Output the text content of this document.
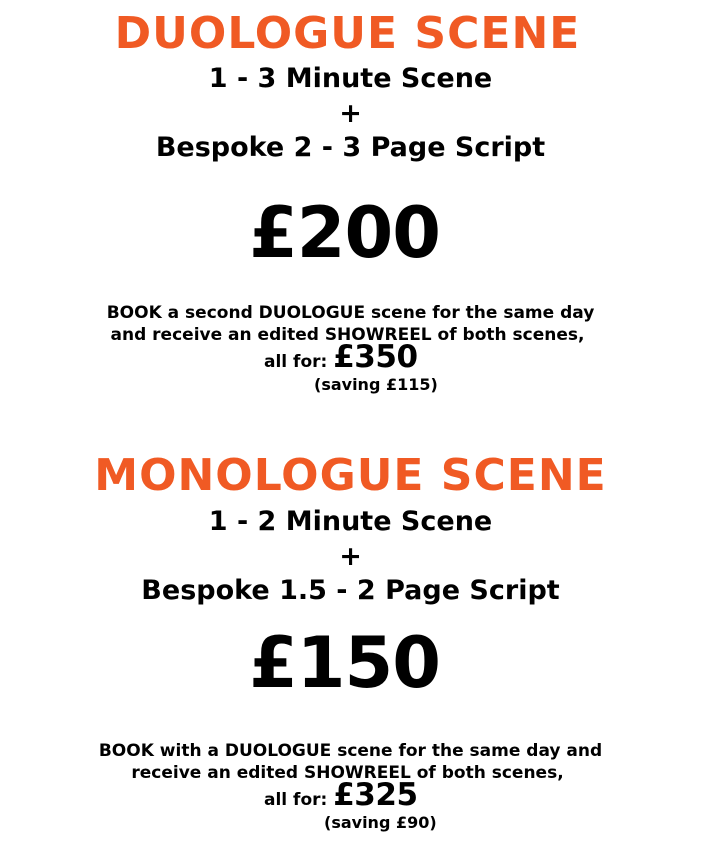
DUOLOGUE SCENE
1 - 3 Minute Scene
+
Bespoke 2 - 3 Page Script
£200
BOOK a second DUOLOGUE scene for the same day
and receive an edited SHOWREEL of both scenes,
all for: £350
(saving £115)
MONOLOGUE SCENE
1 - 2 Minute Scene
+
Bespoke 1.5 - 2 Page Script
£150
BOOK with a DUOLOGUE scene for the same day and
receive an edited SHOWREEL of both scenes,
all for: £325
(saving £90)
